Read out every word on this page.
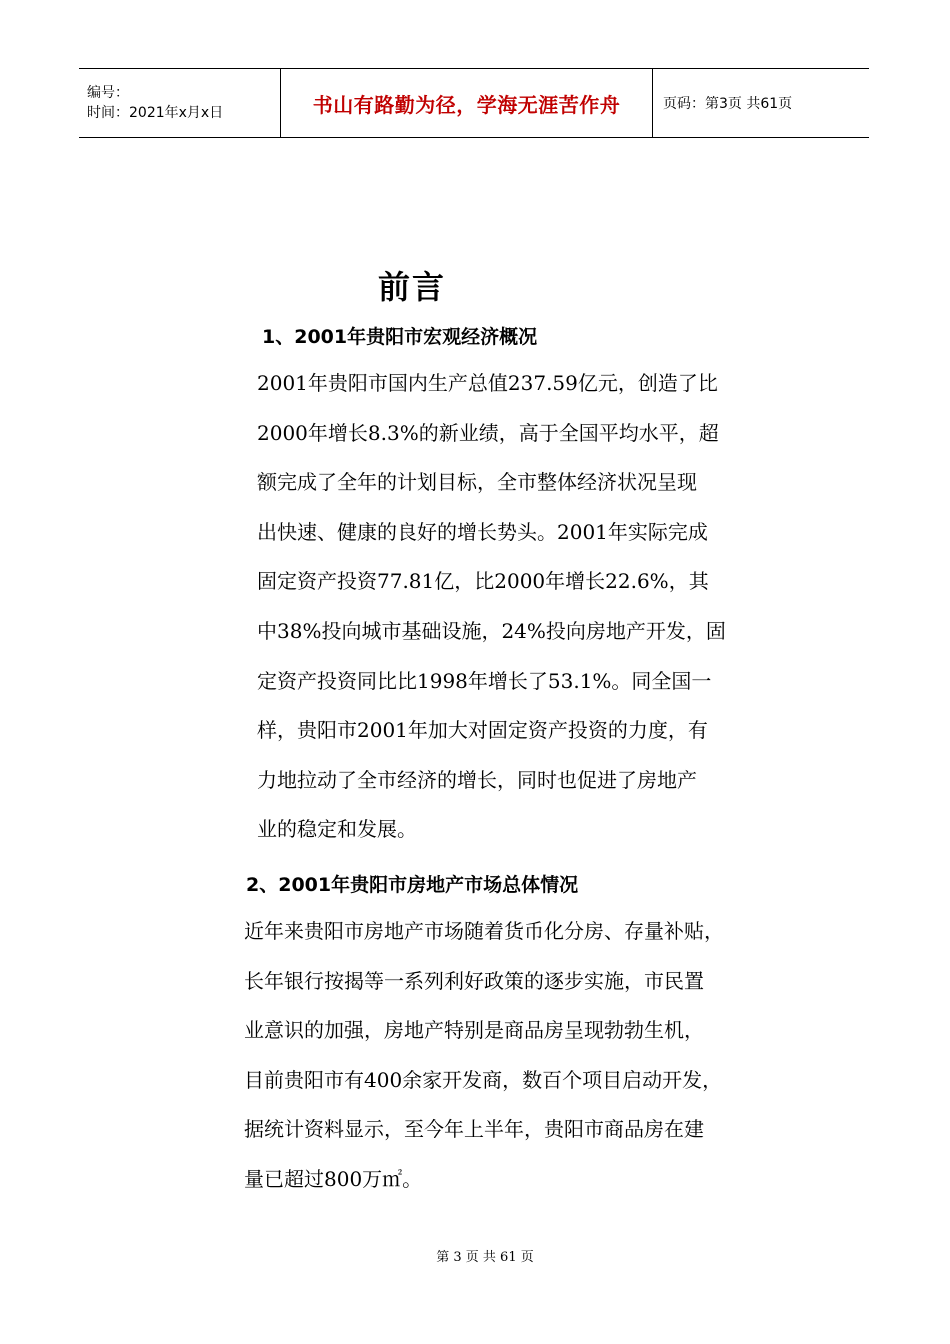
编号：
时间：2021年x月x日	书山有路勤为径，学海无涯苦作舟	页码：第3页 共61页
前言
1、2001年贵阳市宏观经济概况
2001年贵阳市国内生产总值237.59亿元，创造了比
2000年增长8.3%的新业绩，高于全国平均水平，超
额完成了全年的计划目标，全市整体经济状况呈现
出快速、健康的良好的增长势头。2001年实际完成
固定资产投资77.81亿，比2000年增长22.6%，其
中38%投向城市基础设施，24%投向房地产开发，固
定资产投资同比比1998年增长了53.1%。同全国一
样，贵阳市2001年加大对固定资产投资的力度，有
力地拉动了全市经济的增长，同时也促进了房地产
业的稳定和发展。
2、2001年贵阳市房地产市场总体情况
近年来贵阳市房地产市场随着货币化分房、存量补贴，
长年银行按揭等一系列利好政策的逐步实施，市民置
业意识的加强，房地产特别是商品房呈现勃勃生机，
目前贵阳市有400余家开发商，数百个项目启动开发，
据统计资料显示，至今年上半年，贵阳市商品房在建
量已超过800万㎡。
第 3 页 共 61 页
